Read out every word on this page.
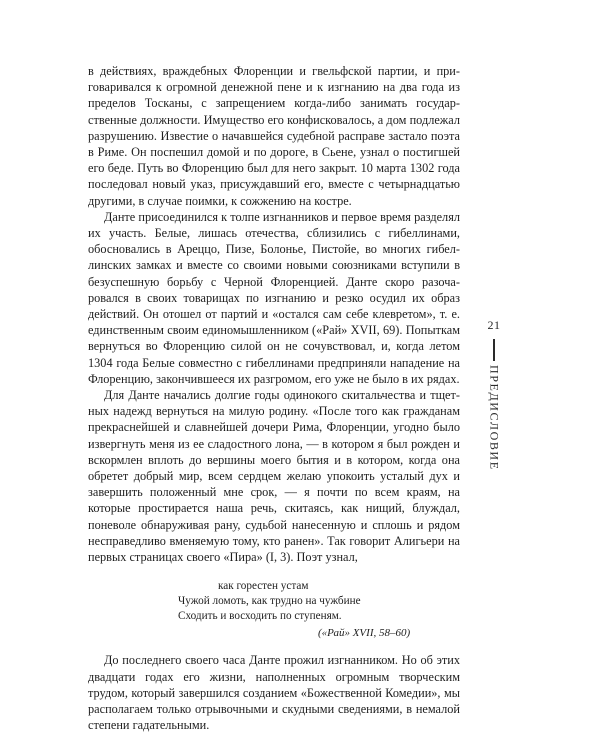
в действиях, враждебных Флоренции и гвельфской партии, и приговаривался к огромной денежной пене и к изгнанию на два года из пределов Тосканы, с запрещением когда-либо занимать государственные должности. Имущество его конфисковалось, а дом подлежал разрушению. Известие о начавшейся судебной расправе застало поэта в Риме. Он поспешил домой и по дороге, в Сьене, узнал о постигшей его беде. Путь во Флоренцию был для него закрыт. 10 марта 1302 года последовал новый указ, присуждавший его, вместе с четырнадцатью другими, в случае поимки, к сожжению на костре.

Данте присоединился к толпе изгнанников и первое время разделял их участь. Белые, лишась отечества, сблизились с гибеллинами, обосновались в Ареццо, Пизе, Болонье, Пистойе, во многих гибеллинских замках и вместе со своими новыми союзниками вступили в безуспешную борьбу с Черной Флоренцией. Данте скоро разочаровался в своих товарищах по изгнанию и резко осудил их образ действий. Он отошел от партий и «остался сам себе клевретом», т. е. единственным своим единомышленником («Рай» XVII, 69). Попыткам вернуться во Флоренцию силой он не сочувствовал, и, когда летом 1304 года Белые совместно с гибеллинами предприняли нападение на Флоренцию, закончившееся их разгромом, его уже не было в их рядах.

Для Данте начались долгие годы одинокого скитальчества и тщетных надежд вернуться на милую родину. «После того как гражданам прекраснейшей и славнейшей дочери Рима, Флоренции, угодно было извергнуть меня из ее сладостного лона, — в котором я был рожден и вскормлен вплоть до вершины моего бытия и в котором, когда она обретет добрый мир, всем сердцем желаю упокоить усталый дух и завершить положенный мне срок, — я почти по всем краям, на которые простирается наша речь, скитаясь, как нищий, блуждал, поневоле обнаруживая рану, судьбой нанесенную и сплошь и рядом несправедливо вменяемую тому, кто ранен». Так говорит Алигьери на первых страницах своего «Пира» (I, 3). Поэт узнал,

как горестен устам
Чужой ломоть, как трудно на чужбине
Сходить и восходить по ступеням.
(«Рай» XVII, 58–60)

До последнего своего часа Данте прожил изгнанником. Но об этих двадцати годах его жизни, наполненных огромным творческим трудом, который завершился созданием «Божественной Комедии», мы располагаем только отрывочными и скудными сведениями, в немалой степени гадательными.

21
ПРЕДИСЛОВИЕ
